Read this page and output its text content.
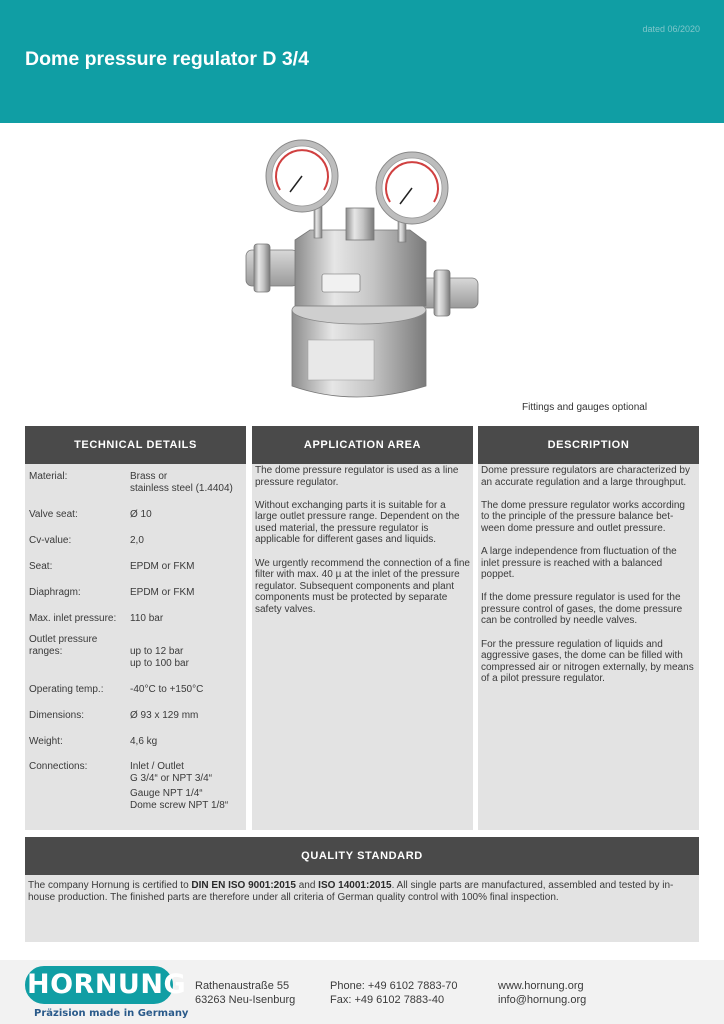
dated 06/2020
Dome pressure regulator D 3/4
Fittings and gauges optional
TECHNICAL DETAILS
Material:	Brass or
stainless steel (1.4404)
Valve seat:	Ø 10
Cv-value:	2,0
Seat:	EPDM or FKM
Diaphragm:	EPDM or FKM
Max. inlet pressure:	110 bar
Outlet pressure
ranges:	up to 12 bar
up to 100 bar
Operating temp.:	-40°C to +150°C
Dimensions:	Ø 93 x 129 mm
Weight:	4,6 kg
Connections:	Inlet / Outlet
G 3/4“ or NPT 3/4“
Gauge NPT 1/4“
Dome screw NPT 1/8“
APPLICATION AREA

The dome pressure regulator is used as a line pressure regulator.

Without exchanging parts it is suitable for a large outlet pressure range. Dependent on the used material, the pressure regulator is applicable for different gases and liquids.

We urgently recommend the connection of a fine filter with max. 40 µ at the inlet of the pressure regulator. Subsequent components and plant components must be protected by separate safety valves.

DESCRIPTION

Dome pressure regulators are characterized by an accurate regulation and a large throughput.

The dome pressure regulator works according to the principle of the pressure balance bet-ween dome pressure and outlet pressure.

A large independence from fluctuation of the inlet pressure is reached with a balanced poppet.

If the dome pressure regulator is used for the pressure control of gases, the dome pressure can be controlled by needle valves.

For the pressure regulation of liquids and aggressive gases, the dome can be filled with compressed air or nitrogen externally, by means of a pilot pressure regulator.

QUALITY STANDARD
The company Hornung is certified to DIN EN ISO 9001:2015 and ISO 14001:2015. All single parts are manufactured, assembled and tested by in-house production. The finished parts are therefore under all criteria of German quality control with 100% final inspection.
HORNUNG
Präzision made in Germany
Rathenaustraße 55
63263 Neu-Isenburg
Phone: +49 6102 7883-70
Fax: +49 6102 7883-40
www.hornung.org
info@hornung.org
